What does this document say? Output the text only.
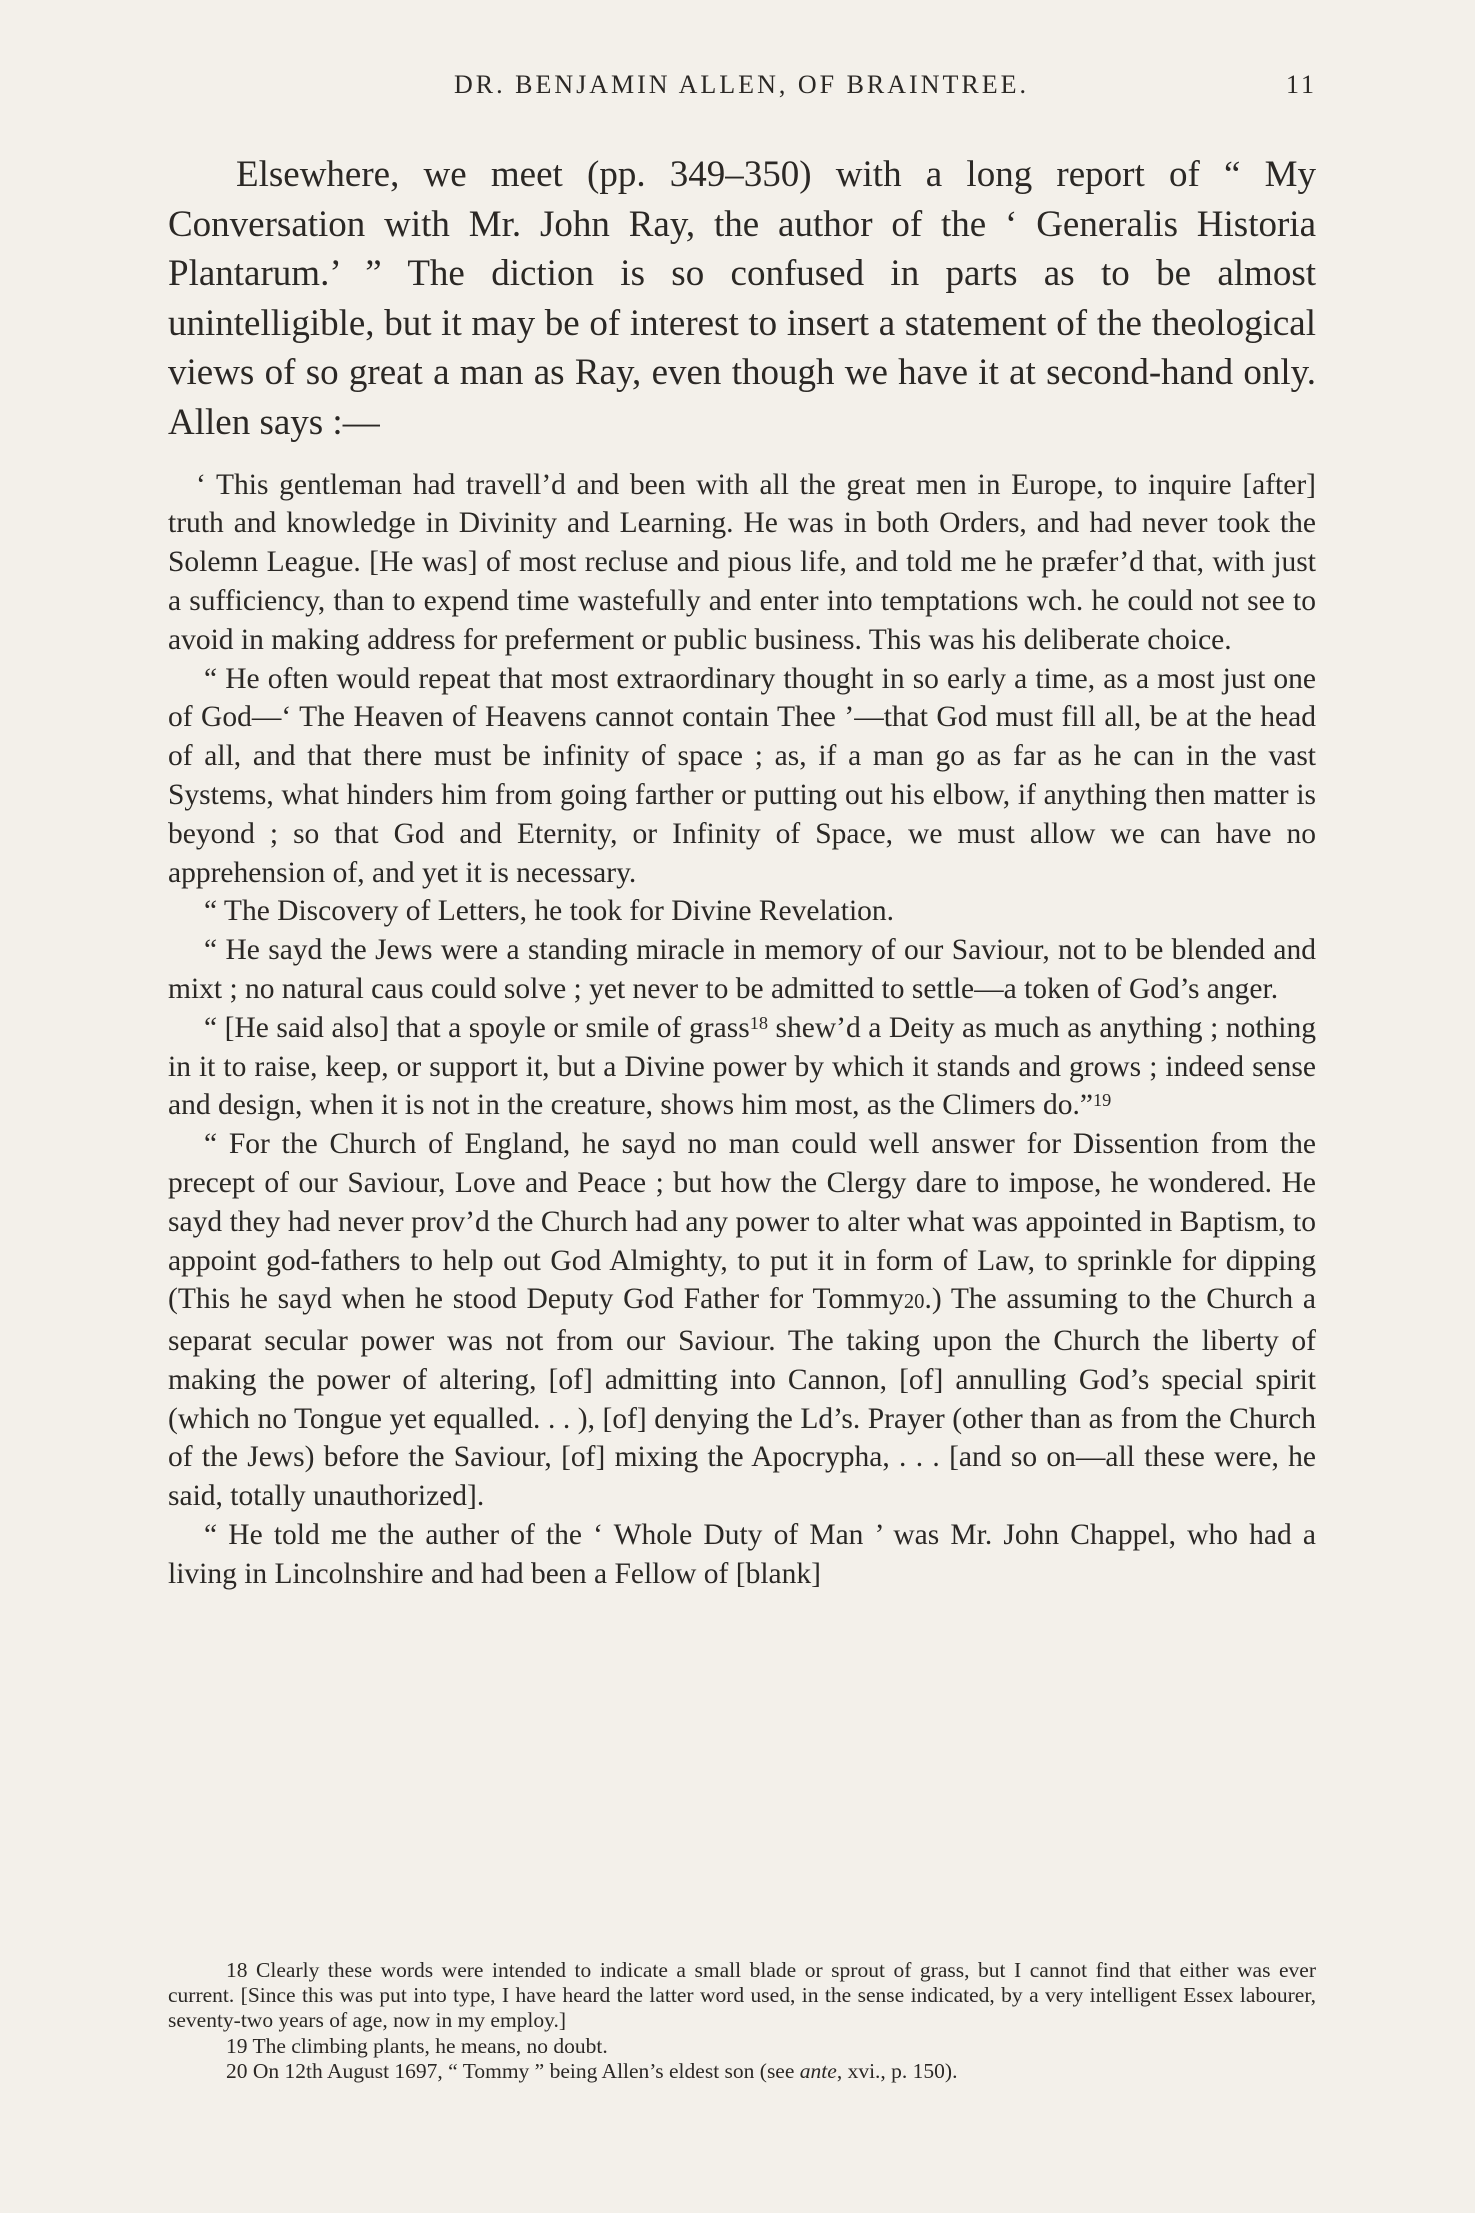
DR. BENJAMIN ALLEN, OF BRAINTREE.	11

Elsewhere, we meet (pp. 349–350) with a long report of “ My Conversation with Mr. John Ray, the author of the ‘ Generalis Historia Plantarum.’ ” The diction is so confused in parts as to be almost unintelligible, but it may be of interest to insert a statement of the theological views of so great a man as Ray, even though we have it at second-hand only. Allen says :—

‘ This gentleman had travell’d and been with all the great men in Europe, to inquire [after] truth and knowledge in Divinity and Learning. He was in both Orders, and had never took the Solemn League. [He was] of most recluse and pious life, and told me he præfer’d that, with just a sufficiency, than to expend time wastefully and enter into temptations wch. he could not see to avoid in making address for preferment or public business. This was his deliberate choice.

“ He often would repeat that most extraordinary thought in so early a time, as a most just one of God—‘ The Heaven of Heavens cannot contain Thee ’—that God must fill all, be at the head of all, and that there must be infinity of space ; as, if a man go as far as he can in the vast Systems, what hinders him from going farther or putting out his elbow, if anything then matter is beyond ; so that God and Eternity, or Infinity of Space, we must allow we can have no apprehension of, and yet it is necessary.

“ The Discovery of Letters, he took for Divine Revelation.

“ He sayd the Jews were a standing miracle in memory of our Saviour, not to be blended and mixt ; no natural caus could solve ; yet never to be admitted to settle—a token of God’s anger.

“ [He said also] that a spoyle or smile of grass$^{18}$ shew’d a Deity as much as anything ; nothing in it to raise, keep, or support it, but a Divine power by which it stands and grows ; indeed sense and design, when it is not in the creature, shows him most, as the Climers do.”$^{19}$

“ For the Church of England, he sayd no man could well answer for Dissention from the precept of our Saviour, Love and Peace ; but how the Clergy dare to impose, he wondered. He sayd they had never prov’d the Church had any power to alter what was appointed in Baptism, to appoint god-fathers to help out God Almighty, to put it in form of Law, to sprinkle for dipping (This he sayd when he stood Deputy God Father for Tommy20.) The assuming to the Church a separat secular power was not from our Saviour. The taking upon the Church the liberty of making the power of altering, [of] admitting into Cannon, [of] annulling God’s special spirit (which no Tongue yet equalled. . . ), [of] denying the Ld’s. Prayer (other than as from the Church of the Jews) before the Saviour, [of] mixing the Apocrypha, . . . [and so on—all these were, he said, totally unauthorized].

“ He told me the auther of the ‘ Whole Duty of Man ’ was Mr. John Chappel, who had a living in Lincolnshire and had been a Fellow of [blank]

18 Clearly these words were intended to indicate a small blade or sprout of grass, but I cannot find that either was ever current. [Since this was put into type, I have heard the latter word used, in the sense indicated, by a very intelligent Essex labourer, seventy-two years of age, now in my employ.]

19 The climbing plants, he means, no doubt.

20 On 12th August 1697, “ Tommy ” being Allen’s eldest son (see ante, xvi., p. 150).
